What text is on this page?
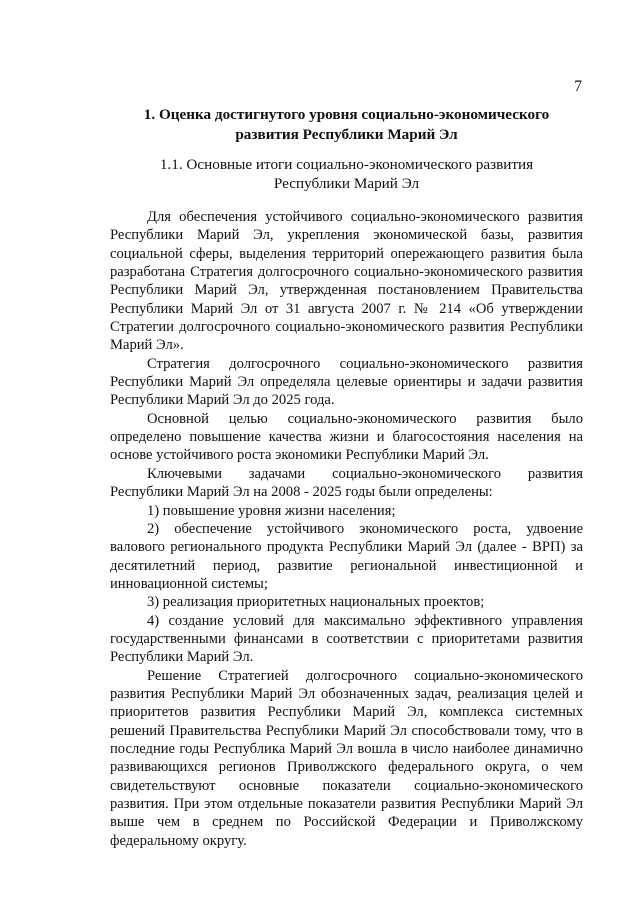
7
1. Оценка достигнутого уровня социально-экономического
развития Республики Марий Эл
1.1. Основные итоги социально-экономического развития
Республики Марий Эл

Для обеспечения устойчивого социально-экономического развития Республики Марий Эл, укрепления экономической базы, развития социальной сферы, выделения территорий опережающего развития была разработана Стратегия долгосрочного социально-экономического развития Республики Марий Эл, утвержденная постановлением Правительства Республики Марий Эл от 31 августа 2007 г. № 214 «Об утверждении Стратегии долгосрочного социально-экономического развития Республики Марий Эл».

Стратегия долгосрочного социально-экономического развития Республики Марий Эл определяла целевые ориентиры и задачи развития Республики Марий Эл до 2025 года.

Основной целью социально-экономического развития было определено повышение качества жизни и благосостояния населения на основе устойчивого роста экономики Республики Марий Эл.

Ключевыми задачами социально-экономического развития Республики Марий Эл на 2008 - 2025 годы были определены:

1) повышение уровня жизни населения;

2) обеспечение устойчивого экономического роста, удвоение валового регионального продукта Республики Марий Эл (далее - ВРП) за десятилетний период, развитие региональной инвестиционной и инновационной системы;

3) реализация приоритетных национальных проектов;

4) создание условий для максимально эффективного управления государственными финансами в соответствии с приоритетами развития Республики Марий Эл.

Решение Стратегией долгосрочного социально-экономического развития Республики Марий Эл обозначенных задач, реализация целей и приоритетов развития Республики Марий Эл, комплекса системных решений Правительства Республики Марий Эл способствовали тому, что в последние годы Республика Марий Эл вошла в число наиболее динамично развивающихся регионов Приволжского федерального округа, о чем свидетельствуют основные показатели социально-экономического развития. При этом отдельные показатели развития Республики Марий Эл выше чем в среднем по Российской Федерации и Приволжскому федеральному округу.
